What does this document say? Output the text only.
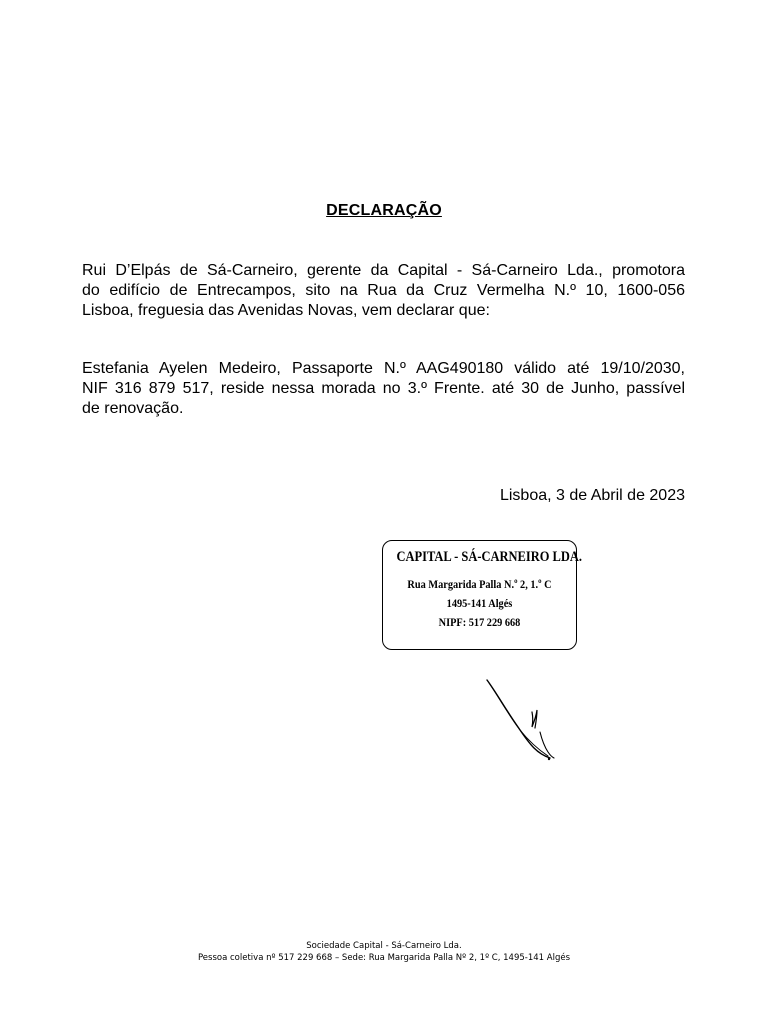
DECLARAÇÃO
Rui D’Elpás de Sá-Carneiro, gerente da Capital - Sá-Carneiro Lda., promotora
do edifício de Entrecampos, sito na Rua da Cruz Vermelha N.º 10, 1600-056
Lisboa, freguesia das Avenidas Novas, vem declarar que:
Estefania Ayelen Medeiro, Passaporte N.º AAG490180 válido até 19/10/2030,
NIF 316 879 517, reside nessa morada no 3.º Frente. até 30 de Junho, passível
de renovação.
Lisboa, 3 de Abril de 2023
CAPITAL - SÁ-CARNEIRO LDA.
Rua Margarida Palla N.º 2, 1.º C
1495-141 Algés
NIPF: 517 229 668
Sociedade Capital - Sá-Carneiro Lda.
Pessoa coletiva nº 517 229 668 – Sede: Rua Margarida Palla Nº 2, 1º C, 1495-141 Algés
